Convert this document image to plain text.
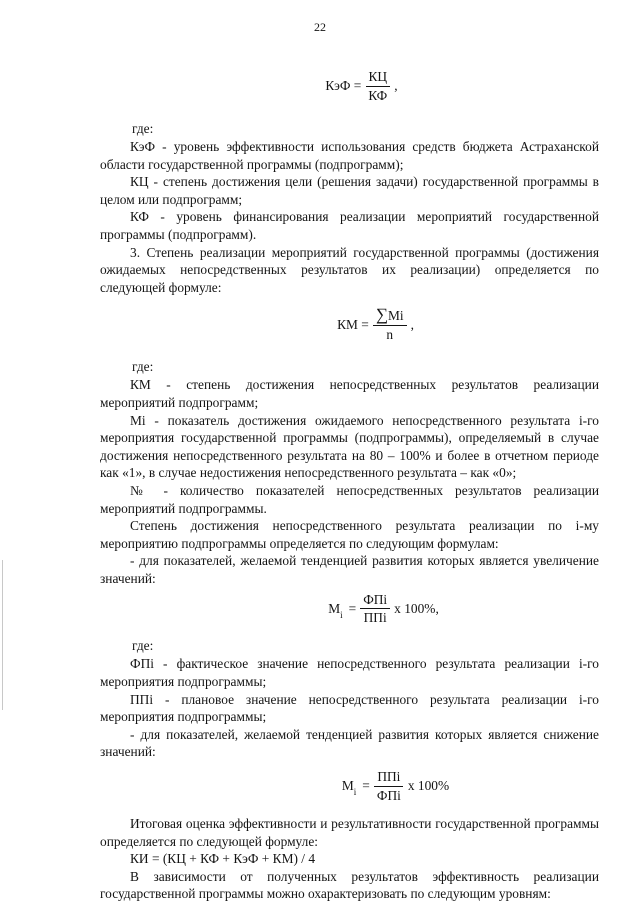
22
КэФ = $\frac{КЦ}{КФ}$ ,

где:

КэФ - уровень эффективности использования средств бюджета Астраханской области государственной программы (подпрограмм);

КЦ - степень достижения цели (решения задачи) государственной программы в целом или подпрограмм;

КФ - уровень финансирования реализации мероприятий государственной программы (подпрограмм).

3. Степень реализации мероприятий государственной программы (достижения ожидаемых непосредственных результатов их реализации) определяется по следующей формуле:

КМ = $\frac{\sum Mi}{n}$ ,

где:

КМ - степень достижения непосредственных результатов реализации мероприятий подпрограмм;

Mi - показатель достижения ожидаемого непосредственного результата i-го мероприятия государственной программы (подпрограммы), определяемый в случае достижения непосредственного результата на 80 – 100% и более в отчетном периоде как «1», в случае недостижения непосредственного результата – как «0»;

№ - количество показателей непосредственных результатов реализации мероприятий подпрограммы.

Степень достижения непосредственного результата реализации по i-му мероприятию подпрограммы определяется по следующим формулам:

- для показателей, желаемой тенденцией развития которых является увеличение значений:

$M_i = \frac{\text{ФПi}}{\text{ППi}}$ x 100%,

где:

ФПi - фактическое значение непосредственного результата реализации i-го мероприятия подпрограммы;

ППi - плановое значение непосредственного результата реализации i-го мероприятия подпрограммы;

- для показателей, желаемой тенденцией развития которых является снижение значений:

$M_i = \frac{\text{ППi}}{\text{ФПi}}$ x 100%

Итоговая оценка эффективности и результативности государственной программы определяется по следующей формуле:

КИ = (КЦ + КФ + КэФ + КМ) / 4

В зависимости от полученных результатов эффективность реализации государственной программы можно охарактеризовать по следующим уровням:
